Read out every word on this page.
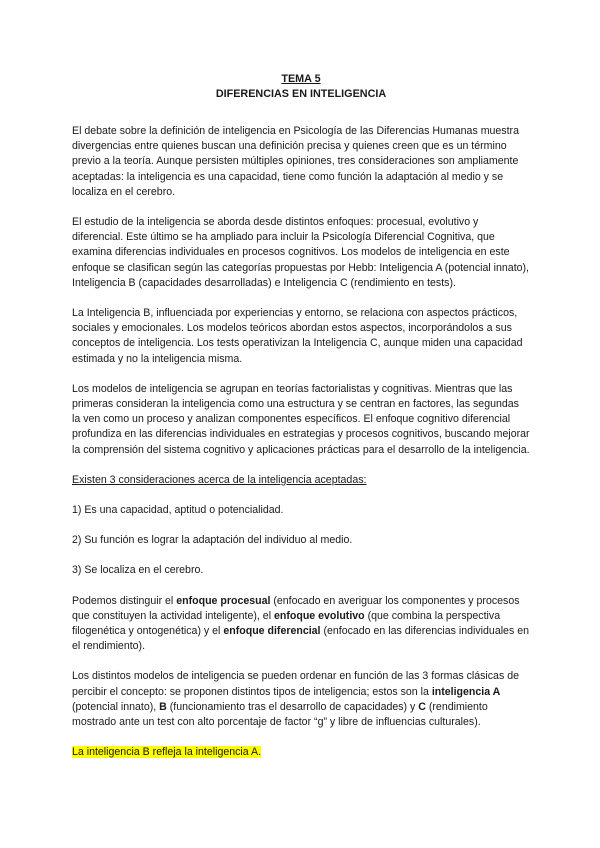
TEMA 5
DIFERENCIAS EN INTELIGENCIA

El debate sobre la definición de inteligencia en Psicología de las Diferencias Humanas muestra divergencias entre quienes buscan una definición precisa y quienes creen que es un término previo a la teoría. Aunque persisten múltiples opiniones, tres consideraciones son ampliamente aceptadas: la inteligencia es una capacidad, tiene como función la adaptación al medio y se localiza en el cerebro.

El estudio de la inteligencia se aborda desde distintos enfoques: procesual, evolutivo y diferencial. Este último se ha ampliado para incluir la Psicología Diferencial Cognitiva, que examina diferencias individuales en procesos cognitivos. Los modelos de inteligencia en este enfoque se clasifican según las categorías propuestas por Hebb: Inteligencia A (potencial innato), Inteligencia B (capacidades desarrolladas) e Inteligencia C (rendimiento en tests).

La Inteligencia B, influenciada por experiencias y entorno, se relaciona con aspectos prácticos, sociales y emocionales. Los modelos teóricos abordan estos aspectos, incorporándolos a sus conceptos de inteligencia. Los tests operativizan la Inteligencia C, aunque miden una capacidad estimada y no la inteligencia misma.

Los modelos de inteligencia se agrupan en teorías factorialistas y cognitivas. Mientras que las primeras consideran la inteligencia como una estructura y se centran en factores, las segundas la ven como un proceso y analizan componentes específicos. El enfoque cognitivo diferencial profundiza en las diferencias individuales en estrategias y procesos cognitivos, buscando mejorar la comprensión del sistema cognitivo y aplicaciones prácticas para el desarrollo de la inteligencia.

Existen 3 consideraciones acerca de la inteligencia aceptadas:

1) Es una capacidad, aptitud o potencialidad.

2) Su función es lograr la adaptación del individuo al medio.

3) Se localiza en el cerebro.

Podemos distinguir el enfoque procesual (enfocado en averiguar los componentes y procesos que constituyen la actividad inteligente), el enfoque evolutivo (que combina la perspectiva filogenética y ontogenética) y el enfoque diferencial (enfocado en las diferencias individuales en el rendimiento).

Los distintos modelos de inteligencia se pueden ordenar en función de las 3 formas clásicas de percibir el concepto: se proponen distintos tipos de inteligencia; estos son la inteligencia A (potencial innato), B (funcionamiento tras el desarrollo de capacidades) y C (rendimiento mostrado ante un test con alto porcentaje de factor “g” y libre de influencias culturales).

La inteligencia B refleja la inteligencia A.
